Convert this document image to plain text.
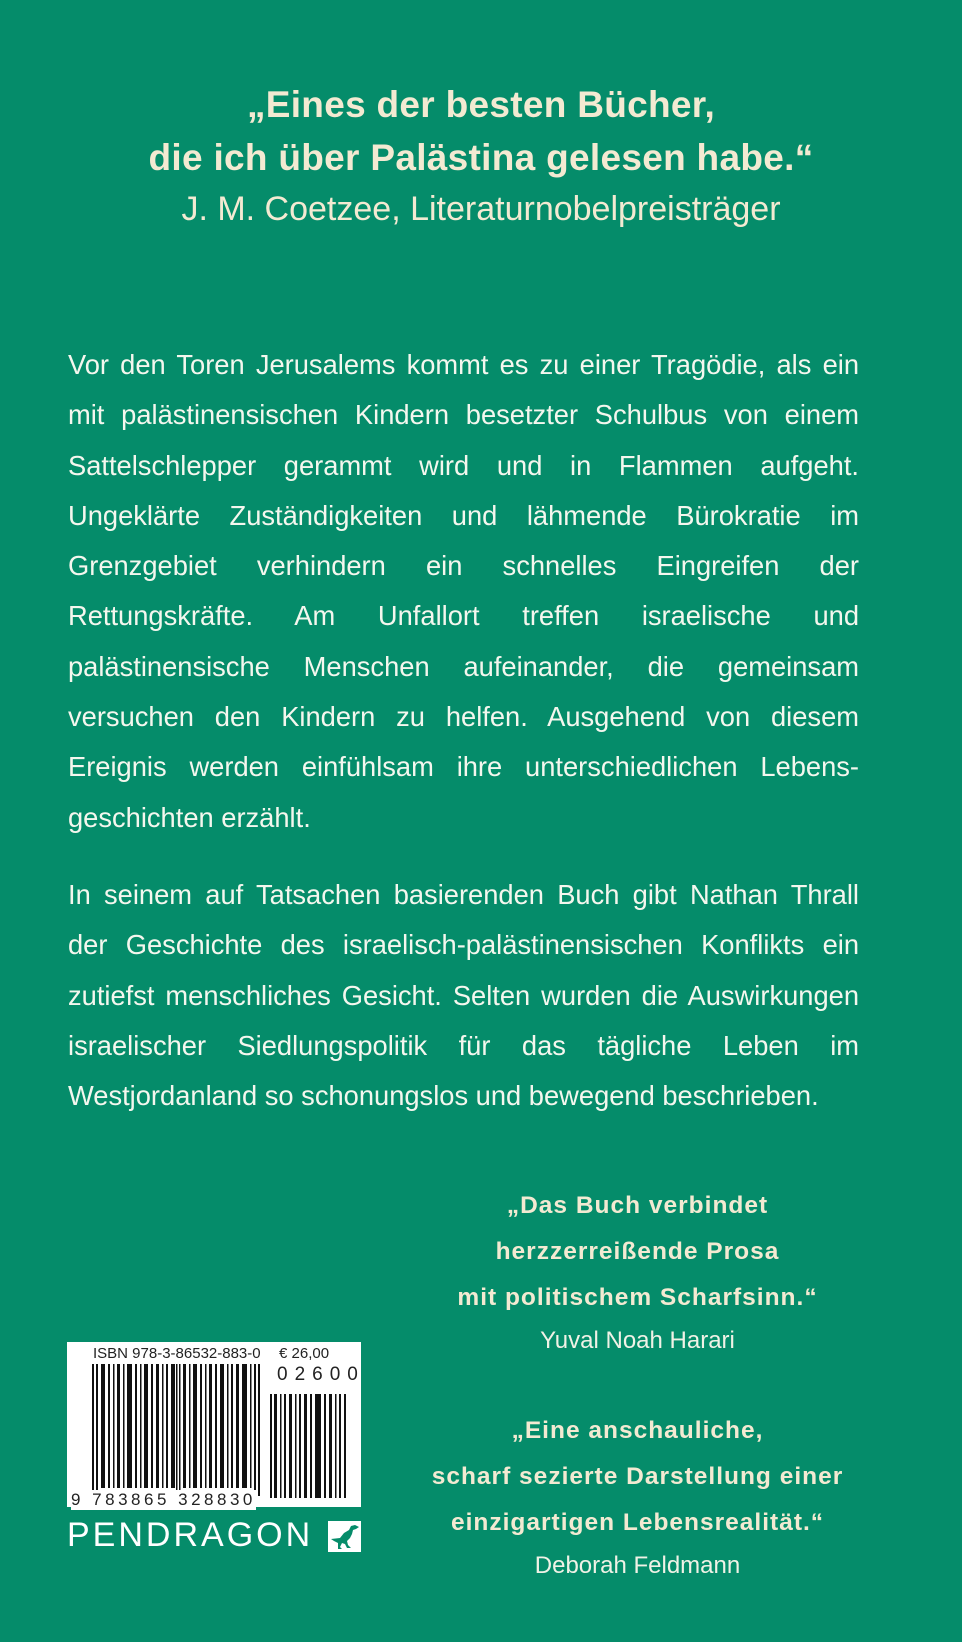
„Eines der besten Bücher,
die ich über Palästina gelesen habe.“
J. M. Coetzee, Literaturnobelpreisträger

Vor den Toren Jerusalems kommt es zu einer Tragödie, als ein mit palästinensischen Kindern besetzter Schulbus von einem Sattelschlepper gerammt wird und in Flammen aufgeht. Ungeklärte Zuständigkeiten und lähmende Bürokratie im Grenzgebiet verhindern ein schnelles Eingreifen der Rettungskräfte. Am Unfallort treffen israelische und palästinensische Menschen aufeinander, die gemeinsam versuchen den Kindern zu helfen. Ausgehend von diesem Ereignis werden einfühlsam ihre unterschiedlichen Lebensgeschichten erzählt.

In seinem auf Tatsachen basierenden Buch gibt Nathan Thrall der Geschichte des israelisch-palästinensischen Konflikts ein zutiefst menschliches Gesicht. Selten wurden die Auswirkungen israelischer Siedlungspolitik für das tägliche Leben im Westjordanland so schonungslos und bewegend beschrieben.

„Das Buch verbindet
herzzerreißende Prosa
mit politischem Scharfsinn.“
Yuval Noah Harari
„Eine anschauliche,
scharf sezierte Darstellung einer
einzigartigen Lebensrealität.“
Deborah Feldmann
ISBN 978-3-86532-883-0 € 26,00
02600
9 783865 328830
PENDRAGON
